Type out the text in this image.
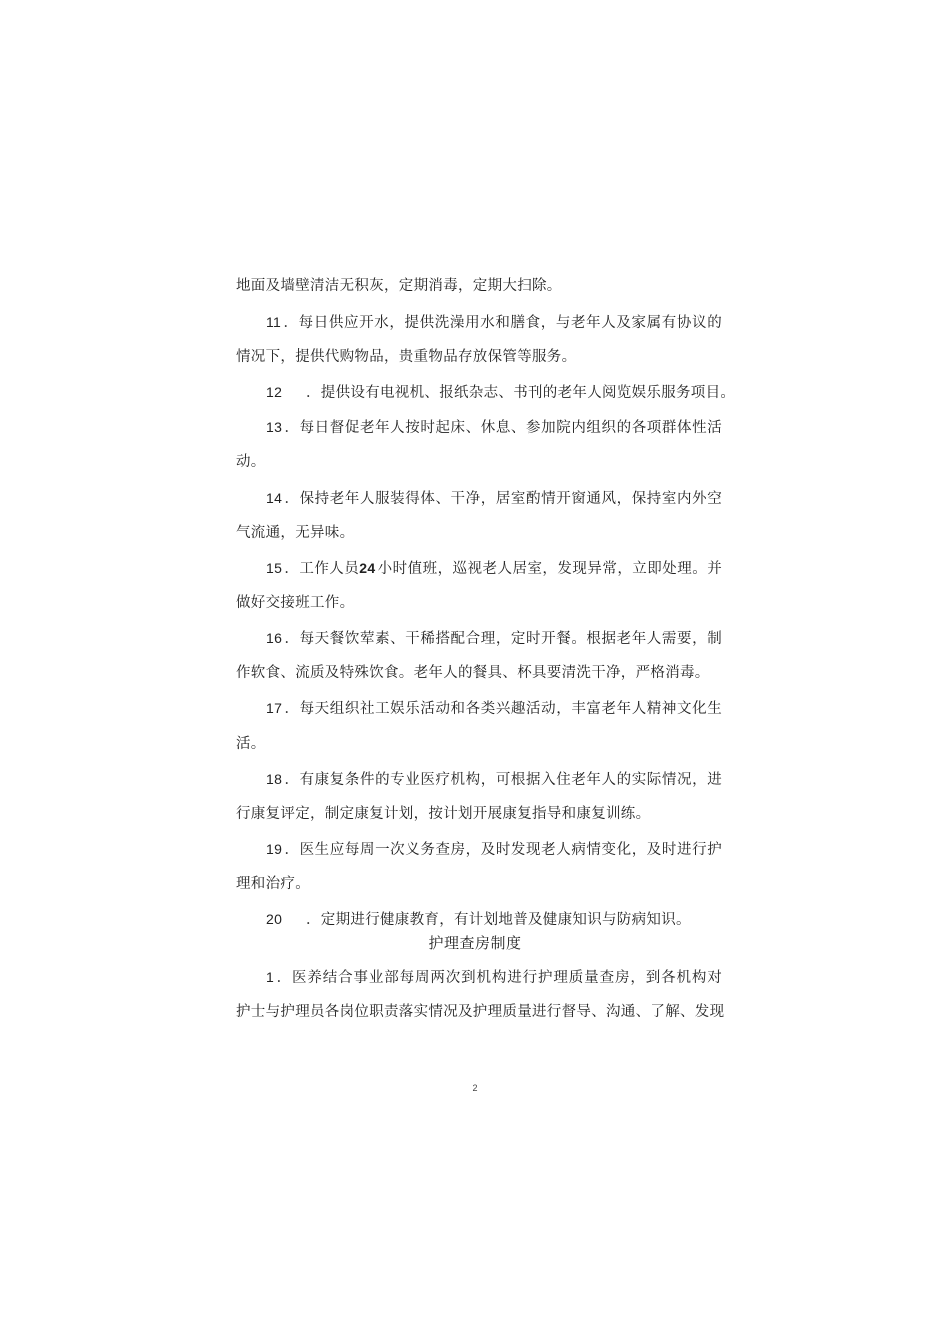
地面及墙壁清洁无积灰，定期消毒，定期大扫除。
11 ．每日供应开水，提供洗澡用水和膳食，与老年人及家属有协议的
情况下，提供代购物品，贵重物品存放保管等服务。
12 ．提供设有电视机、报纸杂志、书刊的老年人阅览娱乐服务项目。
13 ．每日督促老年人按时起床、休息、参加院内组织的各项群体性活
动。
14 ．保持老年人服装得体、干净，居室酌情开窗通风，保持室内外空
气流通，无异味。
15 ．工作人员24 小时值班，巡视老人居室，发现异常，立即处理。并
做好交接班工作。
16 ．每天餐饮荤素、干稀搭配合理，定时开餐。根据老年人需要，制
作软食、流质及特殊饮食。老年人的餐具、杯具要清洗干净，严格消毒。
17 ．每天组织社工娱乐活动和各类兴趣活动，丰富老年人精神文化生
活。
18 ．有康复条件的专业医疗机构，可根据入住老年人的实际情况，进
行康复评定，制定康复计划，按计划开展康复指导和康复训练。
19 ．医生应每周一次义务查房，及时发现老人病情变化，及时进行护
理和治疗。
20 ．定期进行健康教育，有计划地普及健康知识与防病知识。
护理查房制度
1 ．医养结合事业部每周两次到机构进行护理质量查房，到各机构对
护士与护理员各岗位职责落实情况及护理质量进行督导、沟通、了解、发现
2
